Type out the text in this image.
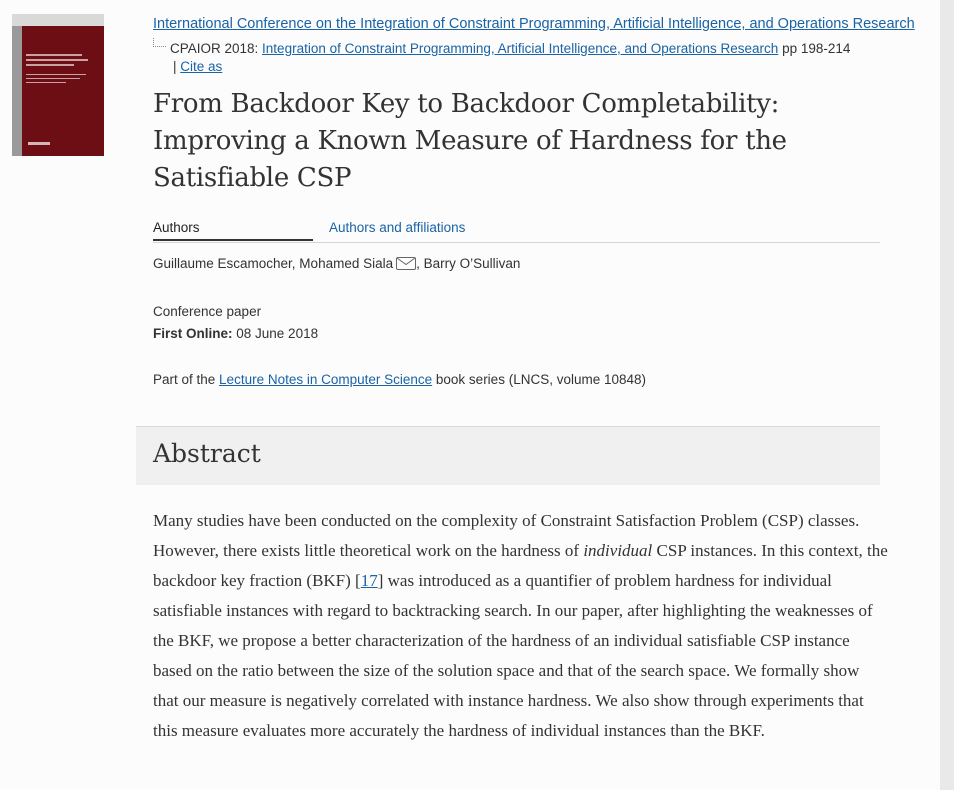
International Conference on the Integration of Constraint Programming, Artificial Intelligence, and Operations Research
CPAIOR 2018: Integration of Constraint Programming, Artificial Intelligence, and Operations Research pp 198-214
| Cite as
From Backdoor Key to Backdoor Completability: Improving a Known Measure of Hardness for the Satisfiable CSP
Authors	Authors and affiliations
Guillaume Escamocher, Mohamed Siala , Barry O’Sullivan
Conference paper
First Online: 08 June 2018
Part of the Lecture Notes in Computer Science book series (LNCS, volume 10848)
Abstract

Many studies have been conducted on the complexity of Constraint Satisfaction Problem (CSP) classes. However, there exists little theoretical work on the hardness of individual CSP instances. In this context, the backdoor key fraction (BKF) [17] was introduced as a quantifier of problem hardness for individual satisfiable instances with regard to backtracking search. In our paper, after highlighting the weaknesses of the BKF, we propose a better characterization of the hardness of an individual satisfiable CSP instance based on the ratio between the size of the solution space and that of the search space. We formally show that our measure is negatively correlated with instance hardness. We also show through experiments that this measure evaluates more accurately the hardness of individual instances than the BKF.
